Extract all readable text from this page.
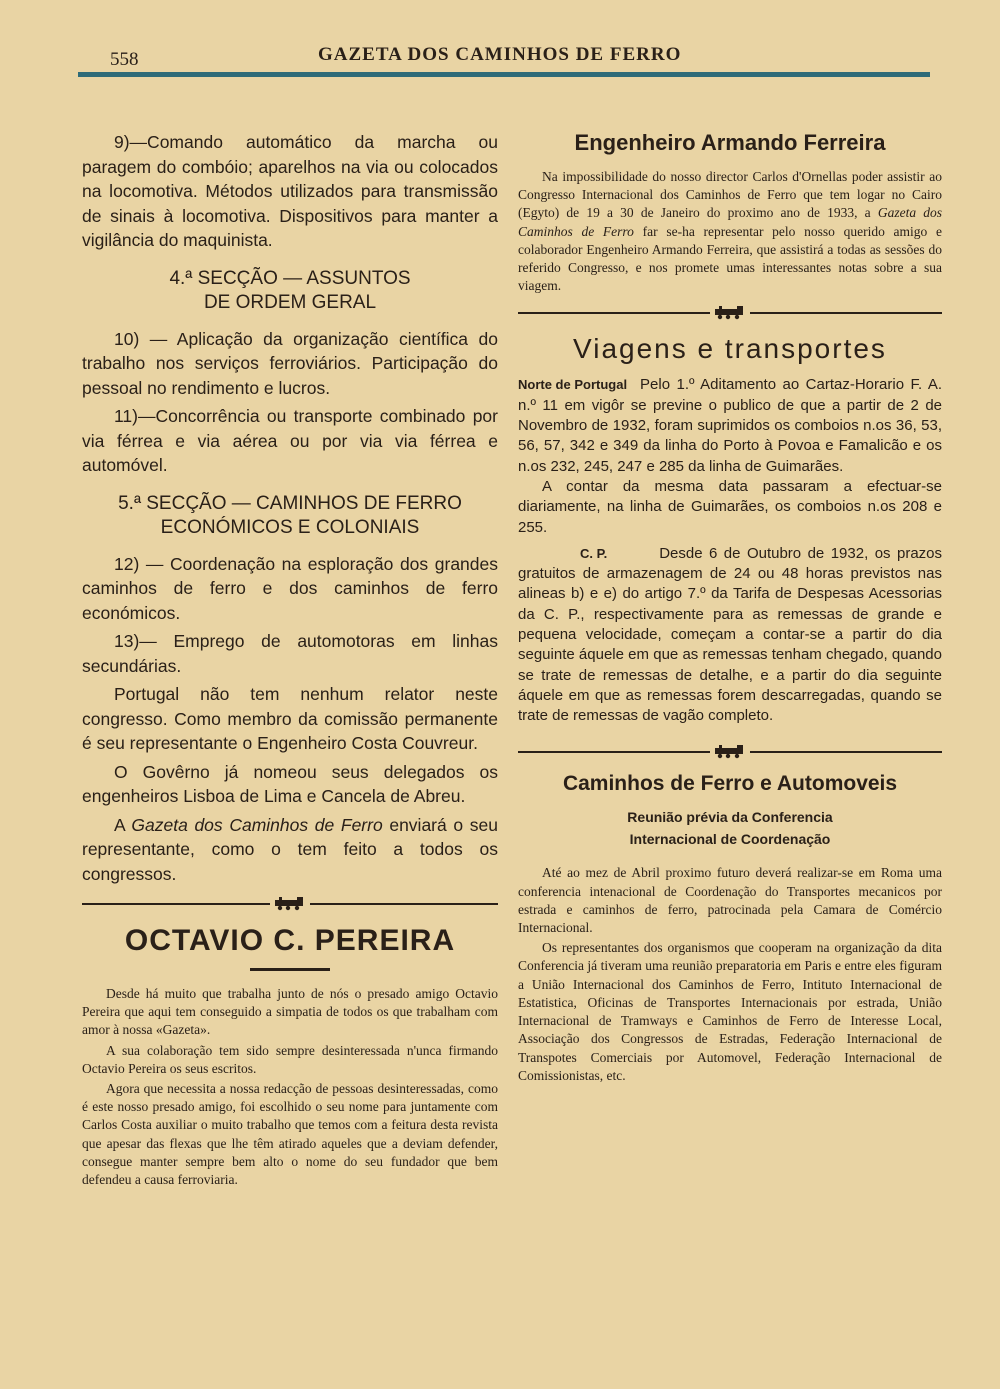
558	GAZETA DOS CAMINHOS DE FERRO

9)—Comando automático da marcha ou paragem do combóio; aparelhos na via ou colocados na locomotiva. Métodos utilizados para transmissão de sinais à locomotiva. Dispositivos para manter a vigilância do maquinista.

4.ª SECÇÃO — ASSUNTOS
DE ORDEM GERAL

10) — Aplicação da organização científica do trabalho nos serviços ferroviários. Participação do pessoal no rendimento e lucros.

11)—Concorrência ou transporte combinado por via férrea e via aérea ou por via via férrea e automóvel.

5.ª SECÇÃO — CAMINHOS DE FERRO
ECONÓMICOS E COLONIAIS

12) — Coordenação na esploração dos grandes caminhos de ferro e dos caminhos de ferro económicos.

13)— Emprego de automotoras em linhas secundárias.

Portugal não tem nenhum relator neste congresso. Como membro da comissão permanente é seu representante o Engenheiro Costa Couvreur.

O Govêrno já nomeou seus delegados os engenheiros Lisboa de Lima e Cancela de Abreu.

A Gazeta dos Caminhos de Ferro enviará o seu representante, como o tem feito a todos os congressos.

OCTAVIO C. PEREIRA

Desde há muito que trabalha junto de nós o presado amigo Octavio Pereira que aqui tem conseguido a simpatia de todos os que trabalham com amor à nossa «Gazeta».

A sua colaboração tem sido sempre desinteressada n'unca firmando Octavio Pereira os seus escritos.

Agora que necessita a nossa redacção de pessoas desinteressadas, como é este nosso presado amigo, foi escolhido o seu nome para juntamente com Carlos Costa auxiliar o muito trabalho que temos com a feitura desta revista que apesar das flexas que lhe têm atirado aqueles que a deviam defender, consegue manter sempre bem alto o nome do seu fundador que bem defendeu a causa ferroviaria.

Engenheiro Armando Ferreira

Na impossibilidade do nosso director Carlos d'Ornellas poder assistir ao Congresso Internacional dos Caminhos de Ferro que tem logar no Cairo (Egyto) de 19 a 30 de Janeiro do proximo ano de 1933, a Gazeta dos Caminhos de Ferro far se-ha representar pelo nosso querido amigo e colaborador Engenheiro Armando Ferreira, que assistirá a todas as sessões do referido Congresso, e nos promete umas interessantes notas sobre a sua viagem.

Viagens e transportes

Norte de Portugal Pelo 1.º Aditamento ao Cartaz-Horario F. A. n.º 11 em vigôr se previne o publico de que a partir de 2 de Novembro de 1932, foram suprimidos os comboios n.os 36, 53, 56, 57, 342 e 349 da linha do Porto à Povoa e Famalicão e os n.os 232, 245, 247 e 285 da linha de Guimarães.

A contar da mesma data passaram a efectuar-se diariamente, na linha de Guimarães, os comboios n.os 208 e 255.

C. P.	Desde 6 de Outubro de 1932, os prazos gratuitos de armazenagem de 24 ou 48 horas previstos nas alineas b) e e) do artigo 7.º da Tarifa de Despesas Acessorias da C. P., respectivamente para as remessas de grande e pequena velocidade, começam a contar-se a partir do dia seguinte áquele em que as remessas tenham chegado, quando se trate de remessas de detalhe, e a partir do dia seguinte áquele em que as remessas forem descarregadas, quando se trate de remessas de vagão completo.

Caminhos de Ferro e Automoveis
Reunião prévia da Conferencia
Internacional de Coordenação

Até ao mez de Abril proximo futuro deverá realizar-se em Roma uma conferencia intenacional de Coordenação do Transportes mecanicos por estrada e caminhos de ferro, patrocinada pela Camara de Comércio Internacional.

Os representantes dos organismos que cooperam na organização da dita Conferencia já tiveram uma reunião preparatoria em Paris e entre eles figuram a União Internacional dos Caminhos de Ferro, Intituto Internacional de Estatistica, Oficinas de Transportes Internacionais por estrada, União Internacional de Tramways e Caminhos de Ferro de Interesse Local, Associação dos Congressos de Estradas, Federação Internacional de Transpotes Comerciais por Automovel, Federação Internacional de Comissionistas, etc.
